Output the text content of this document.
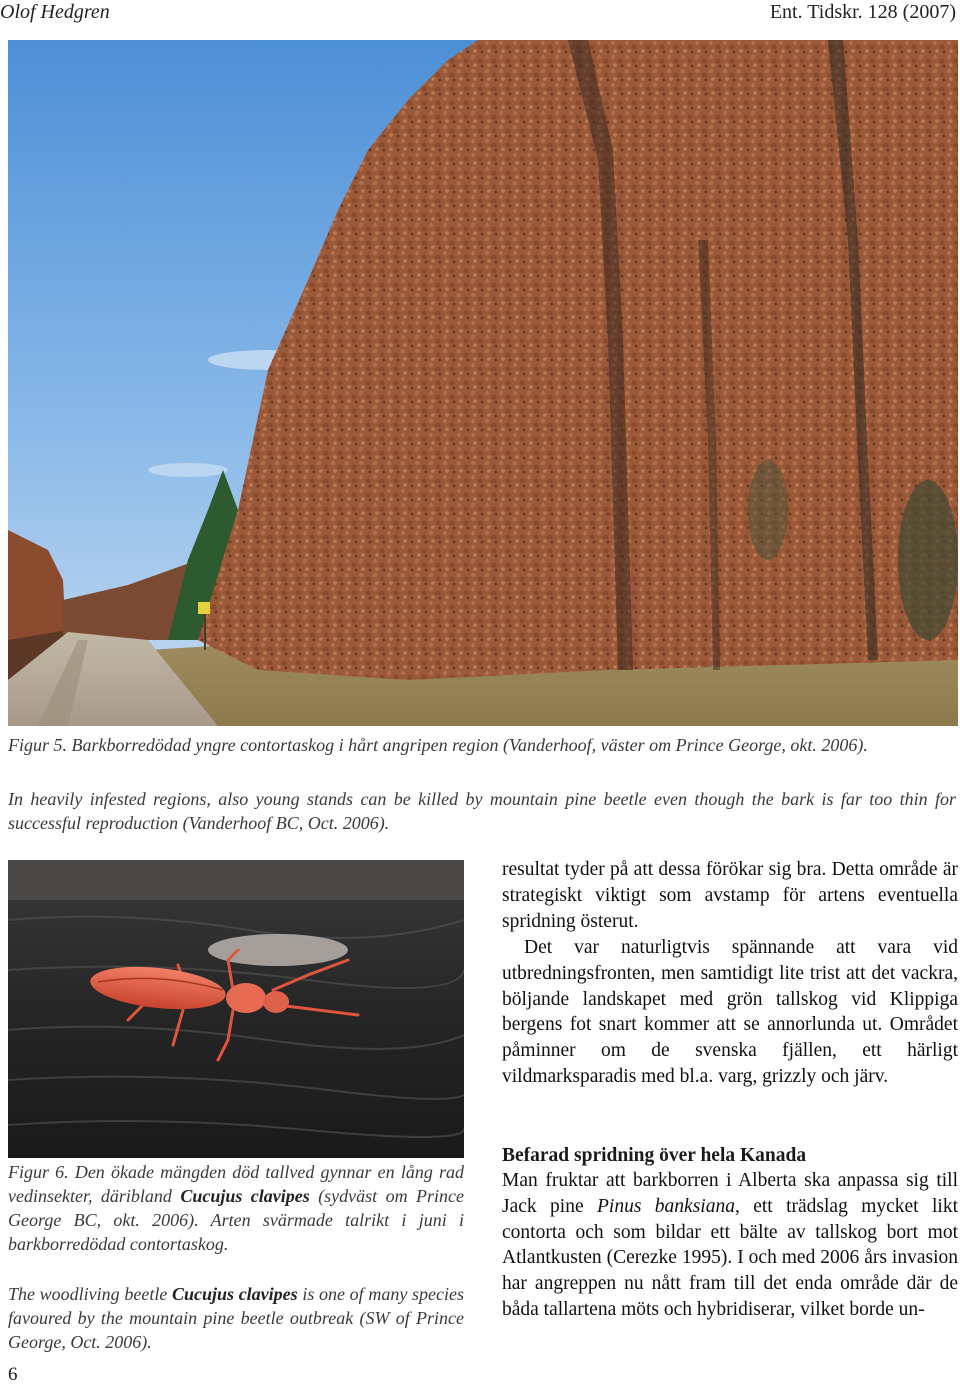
Olof Hedgren	Ent. Tidskr. 128 (2007)
Figur 5. Barkborredödad yngre contortaskog i hårt angripen region (Vanderhoof, väster om Prince George, okt. 2006).
In heavily infested regions, also young stands can be killed by mountain pine beetle even though the bark is far too thin for successful reproduction (Vanderhoof BC, Oct. 2006).
Figur 6. Den ökade mängden död tallved gynnar en lång rad vedinsekter, däribland Cucujus clavipes (sydväst om Prince George BC, okt. 2006). Arten svärmade talrikt i juni i barkborredödad contortaskog.
The woodliving beetle Cucujus clavipes is one of many species favoured by the mountain pine beetle outbreak (SW of Prince George, Oct. 2006).
resultat tyder på att dessa förökar sig bra. Detta område är strategiskt viktigt som avstamp för artens eventuella spridning österut.
Det var naturligtvis spännande att vara vid utbredningsfronten, men samtidigt lite trist att det vackra, böljande landskapet med grön tallskog vid Klippiga bergens fot snart kommer att se annorlunda ut. Området påminner om de svenska fjällen, ett härligt vildmarksparadis med bl.a. varg, grizzly och järv.
Befarad spridning över hela Kanada
Man fruktar att barkborren i Alberta ska anpassa sig till Jack pine Pinus banksiana, ett trädslag mycket likt contorta och som bildar ett bälte av tallskog bort mot Atlantkusten (Cerezke 1995). I och med 2006 års invasion har angreppen nu nått fram till det enda område där de båda tallartena möts och hybridiserar, vilket borde un-
6
